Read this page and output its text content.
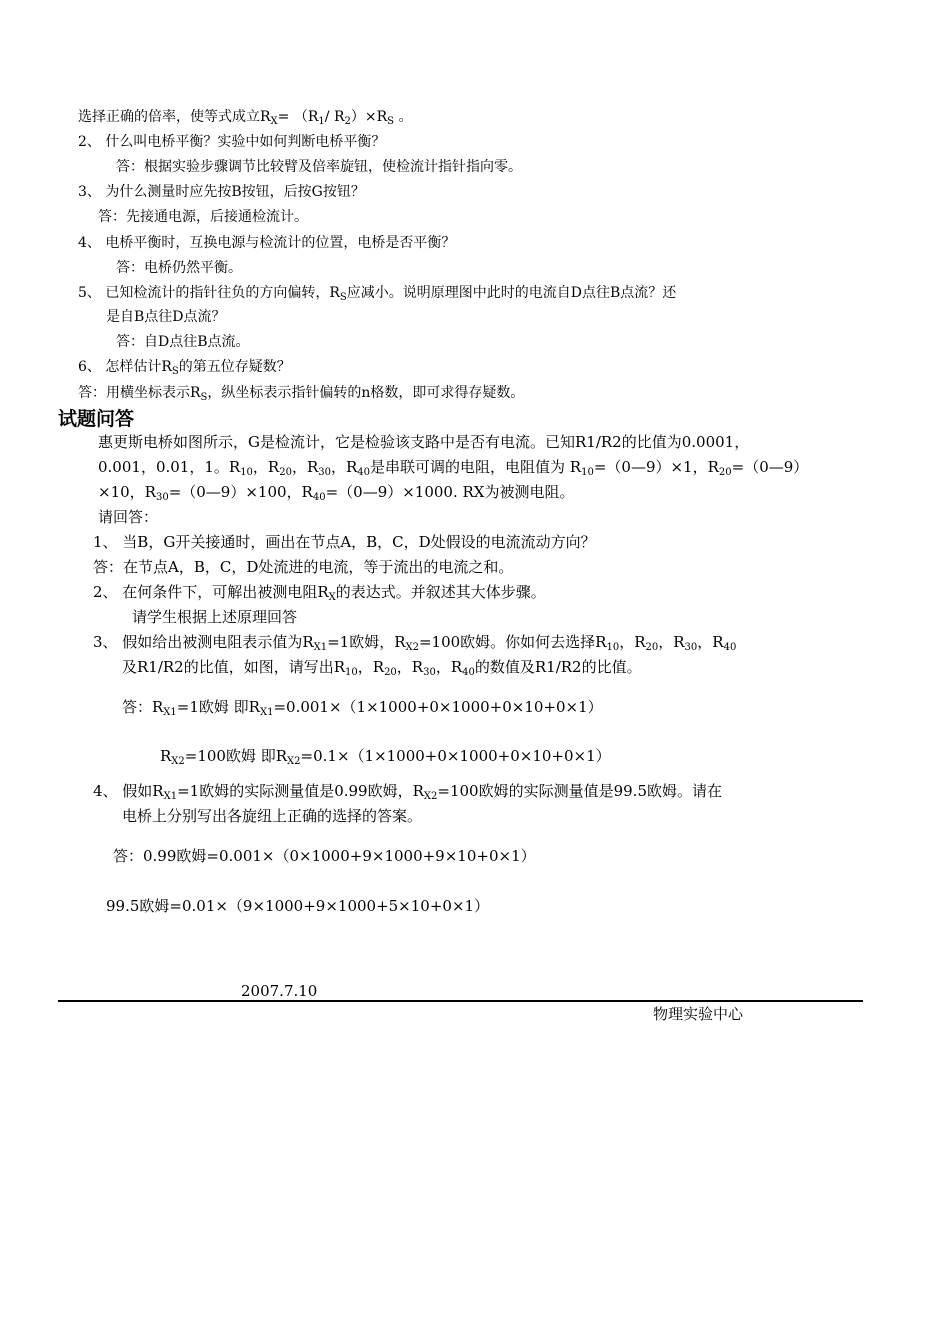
选择正确的倍率，使等式成立$R_X= (R_1/$ $R_2)\times R_S$ 。
2、 什么叫电桥平衡？实验中如何判断电桥平衡？
答：根据实验步骤调节比较臂及倍率旋钮，使检流计指针指向零。
3、 为什么测量时应先按B按钮，后按G按钮？
答：先接通电源，后接通检流计。
4、 电桥平衡时，互换电源与检流计的位置，电桥是否平衡？
答：电桥仍然平衡。
5、 已知检流计的指针往负的方向偏转，$R_S$应减小。说明原理图中此时的电流自D点往B点流？还
是自B点往D点流？
答：自D点往B点流。
6、 怎样估计$R_S$的第五位存疑数？
答：用横坐标表示$R_S$，纵坐标表示指针偏转的n格数，即可求得存疑数。
试题问答
惠更斯电桥如图所示，G是检流计，它是检验该支路中是否有电流。已知R1/R2的比值为0.0001，
0.001，0.01，1。$R_{10}$，$R_{20}$，$R_{30}$，$R_{40}$是串联可调的电阻，电阻值为 $R_{10}=(0—9)\times 1$，$R_{20}=(0—9)$
×10，$R_{30}=(0—9)\times 100$，$R_{40}=(0—9)\times 1000$. RX为被测电阻。
请回答：
1、 当B，G开关接通时，画出在节点A，B，C，D处假设的电流流动方向？
答：在节点A，B，C，D处流进的电流，等于流出的电流之和。
2、 在何条件下，可解出被测电阻$R_X$的表达式。并叙述其大体步骤。
请学生根据上述原理回答
3、 假如给出被测电阻表示值为$R_{X1}=1$欧姆，$R_{X2}=100$欧姆。你如何去选择$R_{10}$，$R_{20}$，$R_{30}$，$R_{40}$
及R1/R2的比值，如图，请写出$R_{10}$，$R_{20}$，$R_{30}$，$R_{40}$的数值及R1/R2的比值。
答：$R_{X1}=1$欧姆 即$R_{X1}=0.001\times(1\times 1000+0\times 1000+0\times 10+0\times 1)$
$R_{X2}=100$欧姆 即$R_{X2}=0.1\times(1\times 1000+0\times 1000+0\times 10+0\times 1)$
4、 假如$R_{X1}=1$欧姆的实际测量值是0.99欧姆，$R_{X2}=100$欧姆的实际测量值是99.5欧姆。请在
电桥上分别写出各旋纽上正确的选择的答案。
答：0.99欧姆=0.001×（0×1000+9×1000+9×10+0×1）
99.5欧姆=0.01×（9×1000+9×1000+5×10+0×1）
2007.7.10
物理实验中心
